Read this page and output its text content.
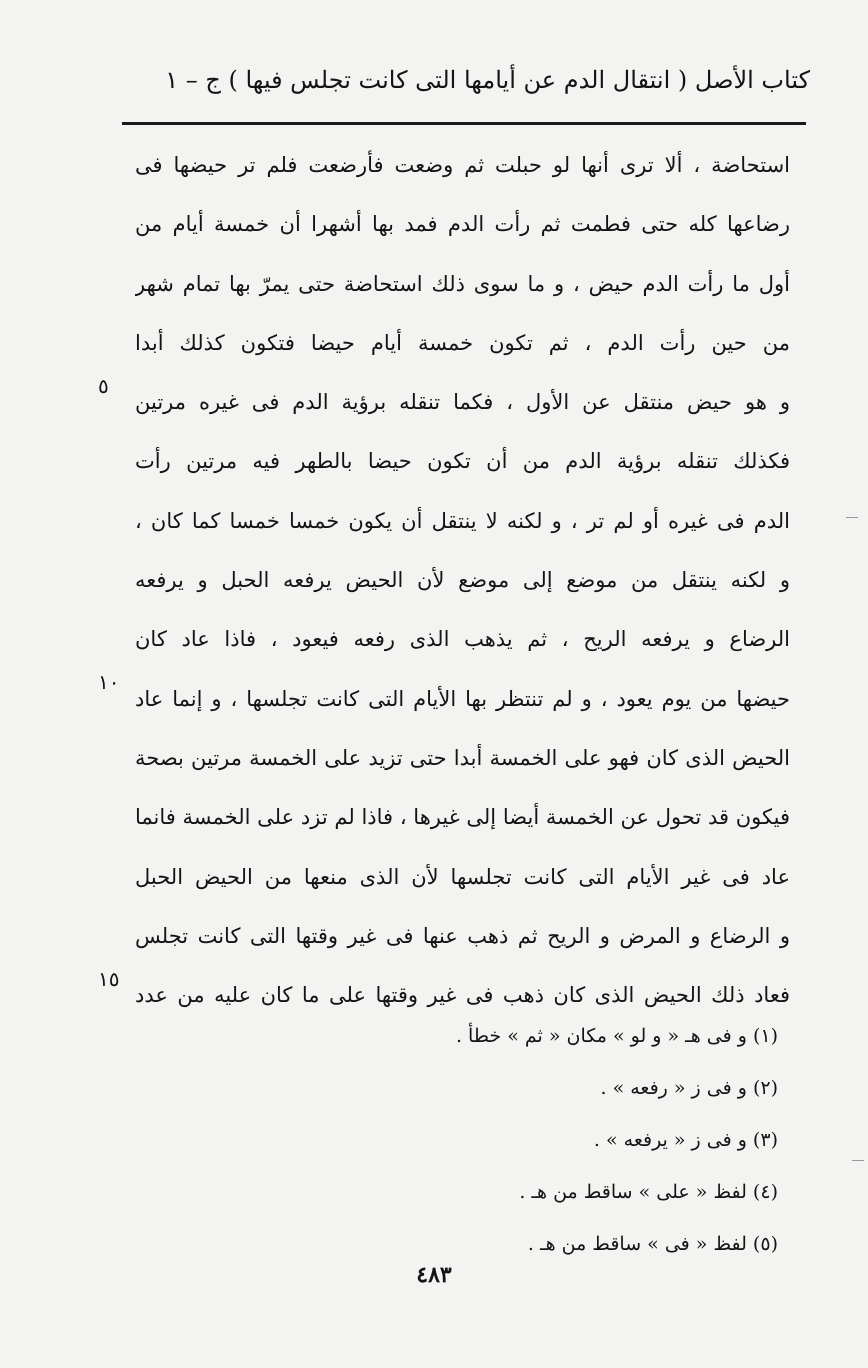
كتاب الأصل ( انتقال الدم عن أيامها التى كانت تجلس فيها ) ج – ١
استحاضة ، ألا ترى أنها لو حبلت ثم وضعت فأرضعت فلم تر حيضها فى
رضاعها كله حتى فطمت ثم رأت الدم فمد بها أشهرا أن خمسة أيام من
أول ما رأت الدم حيض ، و ما سوى ذلك استحاضة حتى يمرّ بها تمام شهر
من حين رأت الدم ، ثم تكون خمسة أيام حيضا فتكون كذلك أبدا
و هو حيض منتقل عن الأول ، فكما تنقله برؤية الدم فى غيره مرتين
فكذلك تنقله برؤية الدم من أن تكون حيضا بالطهر فيه مرتين رأت
الدم فى غيره أو لم تر ، و لكنه لا ينتقل أن يكون خمسا خمسا كما كان ،
و لكنه ينتقل من موضع إلى موضع لأن الحيض يرفعه الحبل و يرفعه
الرضاع و يرفعه الريح ، ثم يذهب الذى رفعه فيعود ، فاذا عاد كان
حيضها من يوم يعود ، و لم تنتظر بها الأيام التى كانت تجلسها ، و إنما عاد
الحيض الذى كان فهو على الخمسة أبدا حتى تزيد على الخمسة مرتين بصحة
فيكون قد تحول عن الخمسة أيضا إلى غيرها ، فاذا لم تزد على الخمسة فانما
عاد فى غير الأيام التى كانت تجلسها لأن الذى منعها من الحيض الحبل
و الرضاع و المرض و الريح ثم ذهب عنها فى غير وقتها التى كانت تجلس
فعاد ذلك الحيض الذى كان ذهب فى غير وقتها على ما كان عليه من عدد
٥
١٠
١٥
(١) و فى هـ « و لو » مكان « ثم » خطأ .
(٢) و فى ز « رفعه » .
(٣) و فى ز « يرفعه » .
(٤) لفظ « على » ساقط من هـ .
(٥) لفظ « فى » ساقط من هـ .
٤٨٣
